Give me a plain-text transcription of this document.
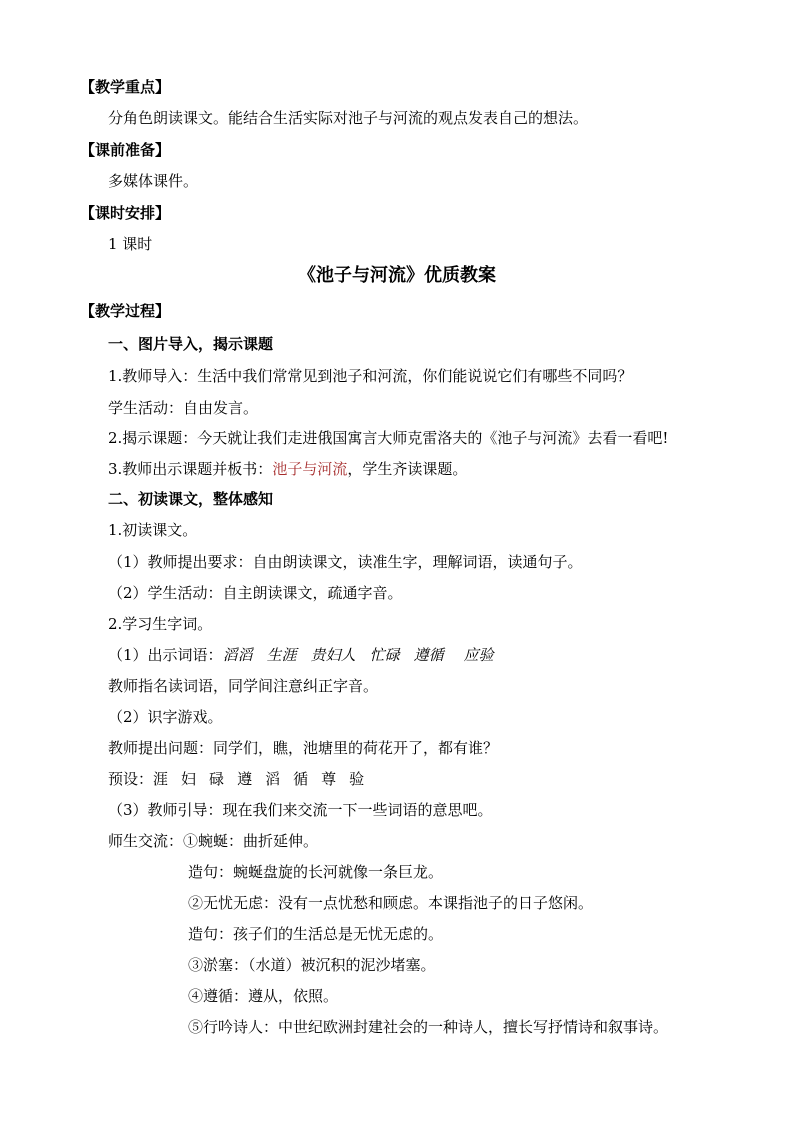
【教学重点】
分角色朗读课文。能结合生活实际对池子与河流的观点发表自己的想法。
【课前准备】
多媒体课件。
【课时安排】
1 课时
《池子与河流》优质教案
【教学过程】
一、图片导入，揭示课题
1.教师导入：生活中我们常常见到池子和河流，你们能说说它们有哪些不同吗？
学生活动：自由发言。
2.揭示课题：今天就让我们走进俄国寓言大师克雷洛夫的《池子与河流》去看一看吧!
3.教师出示课题并板书：池子与河流，学生齐读课题。
二、初读课文，整体感知
1.初读课文。
（1）教师提出要求：自由朗读课文，读准生字，理解词语，读通句子。
（2）学生活动：自主朗读课文，疏通字音。
2.学习生字词。
（1）出示词语：滔滔 生涯 贵妇人 忙碌 遵循 应验
教师指名读词语，同学间注意纠正字音。
（2）识字游戏。
教师提出问题：同学们，瞧，池塘里的荷花开了，都有谁？
预设：涯 妇 碌 遵 滔 循 尊 验
（3）教师引导：现在我们来交流一下一些词语的意思吧。
师生交流：①蜿蜒：曲折延伸。
造句：蜿蜒盘旋的长河就像一条巨龙。
②无忧无虑：没有一点忧愁和顾虑。本课指池子的日子悠闲。
造句：孩子们的生活总是无忧无虑的。
③淤塞：（水道）被沉积的泥沙堵塞。
④遵循：遵从，依照。
⑤行吟诗人：中世纪欧洲封建社会的一种诗人，擅长写抒情诗和叙事诗。
